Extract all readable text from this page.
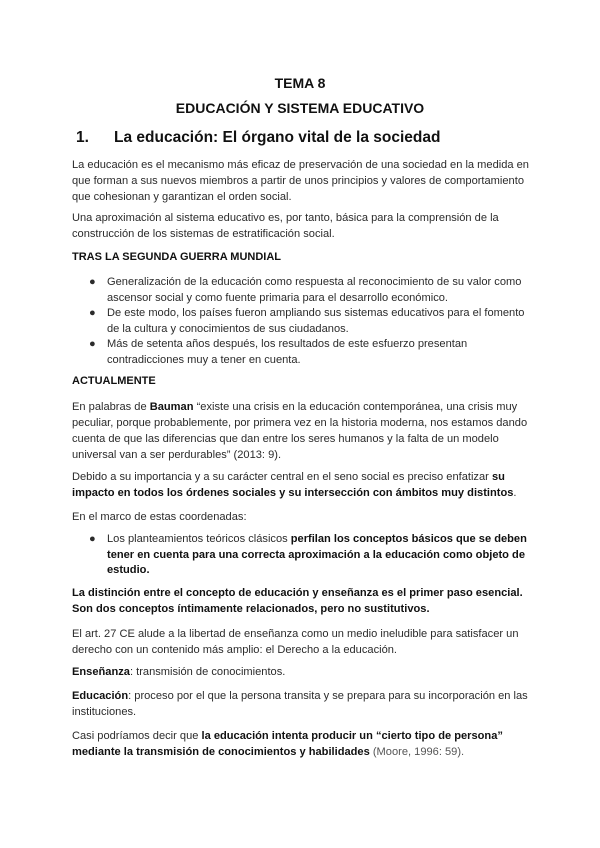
TEMA 8
EDUCACIÓN Y SISTEMA EDUCATIVO
1. La educación: El órgano vital de la sociedad

La educación es el mecanismo más eficaz de preservación de una sociedad en la medida en que forman a sus nuevos miembros a partir de unos principios y valores de comportamiento que cohesionan y garantizan el orden social.

Una aproximación al sistema educativo es, por tanto, básica para la comprensión de la construcción de los sistemas de estratificación social.

TRAS LA SEGUNDA GUERRA MUNDIAL
● Generalización de la educación como respuesta al reconocimiento de su valor como ascensor social y como fuente primaria para el desarrollo económico.
● De este modo, los países fueron ampliando sus sistemas educativos para el fomento de la cultura y conocimientos de sus ciudadanos.
● Más de setenta años después, los resultados de este esfuerzo presentan contradicciones muy a tener en cuenta.
ACTUALMENTE

En palabras de Bauman “existe una crisis en la educación contemporánea, una crisis muy peculiar, porque probablemente, por primera vez en la historia moderna, nos estamos dando cuenta de que las diferencias que dan entre los seres humanos y la falta de un modelo universal van a ser perdurables” (2013: 9).

Debido a su importancia y a su carácter central en el seno social es preciso enfatizar su impacto en todos los órdenes sociales y su intersección con ámbitos muy distintos.

En el marco de estas coordenadas:

● Los planteamientos teóricos clásicos perfilan los conceptos básicos que se deben tener en cuenta para una correcta aproximación a la educación como objeto de estudio.

La distinción entre el concepto de educación y enseñanza es el primer paso esencial. Son dos conceptos íntimamente relacionados, pero no sustitutivos.

El art. 27 CE alude a la libertad de enseñanza como un medio ineludible para satisfacer un derecho con un contenido más amplio: el Derecho a la educación.

Enseñanza: transmisión de conocimientos.

Educación: proceso por el que la persona transita y se prepara para su incorporación en las instituciones.

Casi podríamos decir que la educación intenta producir un “cierto tipo de persona” mediante la transmisión de conocimientos y habilidades (Moore, 1996: 59).
